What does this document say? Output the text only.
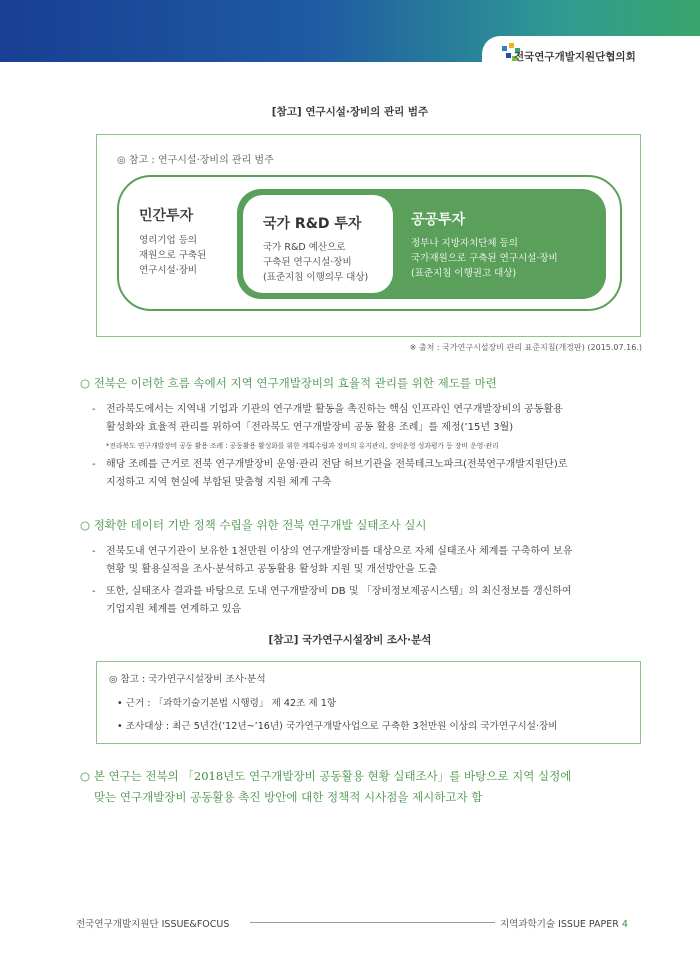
전국연구개발지원단협의회
[참고] 연구시설·장비의 관리 범주
◎ 참고 : 연구시설·장비의 관리 범주
민간투자
영리기업 등의
재원으로 구축된
연구시설·장비
국가 R&D 투자
국가 R&D 예산으로
구축된 연구시설·장비
(표준지침 이행의무 대상)
공공투자
정부나 지방자치단체 등의
국가재원으로 구축된 연구시설·장비
(표준지침 이행권고 대상)
※ 출처 : 국가연구시설장비 관리 표준지침(개정판) (2015.07.16.)
○ 전북은 이러한 흐름 속에서 지역 연구개발장비의 효율적 관리를 위한 제도를 마련
- 전라북도에서는 지역내 기업과 기관의 연구개발 활동을 촉진하는 핵심 인프라인 연구개발장비의 공동활용
활성화와 효율적 관리를 위하여「전라북도 연구개발장비 공동 활용 조례」를 제정(’15년 3월)
*전라북도 연구개발장비 공동 활용 조례 : 공동활용 활성화를 위한 계획수립과 장비의 유지관리, 장비운영 성과평가 등 장비 운영·관리
- 해당 조례를 근거로 전북 연구개발장비 운영·관리 전담 허브기관을 전북테크노파크(전북연구개발지원단)로
지정하고 지역 현실에 부합된 맞춤형 지원 체계 구축
○ 정확한 데이터 기반 정책 수립을 위한 전북 연구개발 실태조사 실시
- 전북도내 연구기관이 보유한 1천만원 이상의 연구개발장비를 대상으로 자체 실태조사 체계를 구축하여 보유
현황 및 활용실적을 조사·분석하고 공동활용 활성화 지원 및 개선방안을 도출
- 또한, 실태조사 결과를 바탕으로 도내 연구개발장비 DB 및 「장비정보제공시스템」의 최신정보를 갱신하여
기업지원 체계를 연계하고 있음
[참고] 국가연구시설장비 조사·분석
◎ 참고 : 국가연구시설장비 조사·분석
• 근거 : 「과학기술기본법 시행령」 제 42조 제 1항
• 조사대상 : 최근 5년간(’12년~’16년) 국가연구개발사업으로 구축한 3천만원 이상의 국가연구시설·장비
○ 본 연구는 전북의 「2018년도 연구개발장비 공동활용 현황 실태조사」를 바탕으로 지역 실정에
맞는 연구개발장비 공동활용 촉진 방안에 대한 정책적 시사점을 제시하고자 함
전국연구개발지원단 ISSUE&FOCUS	지역과학기술 ISSUE PAPER 4
